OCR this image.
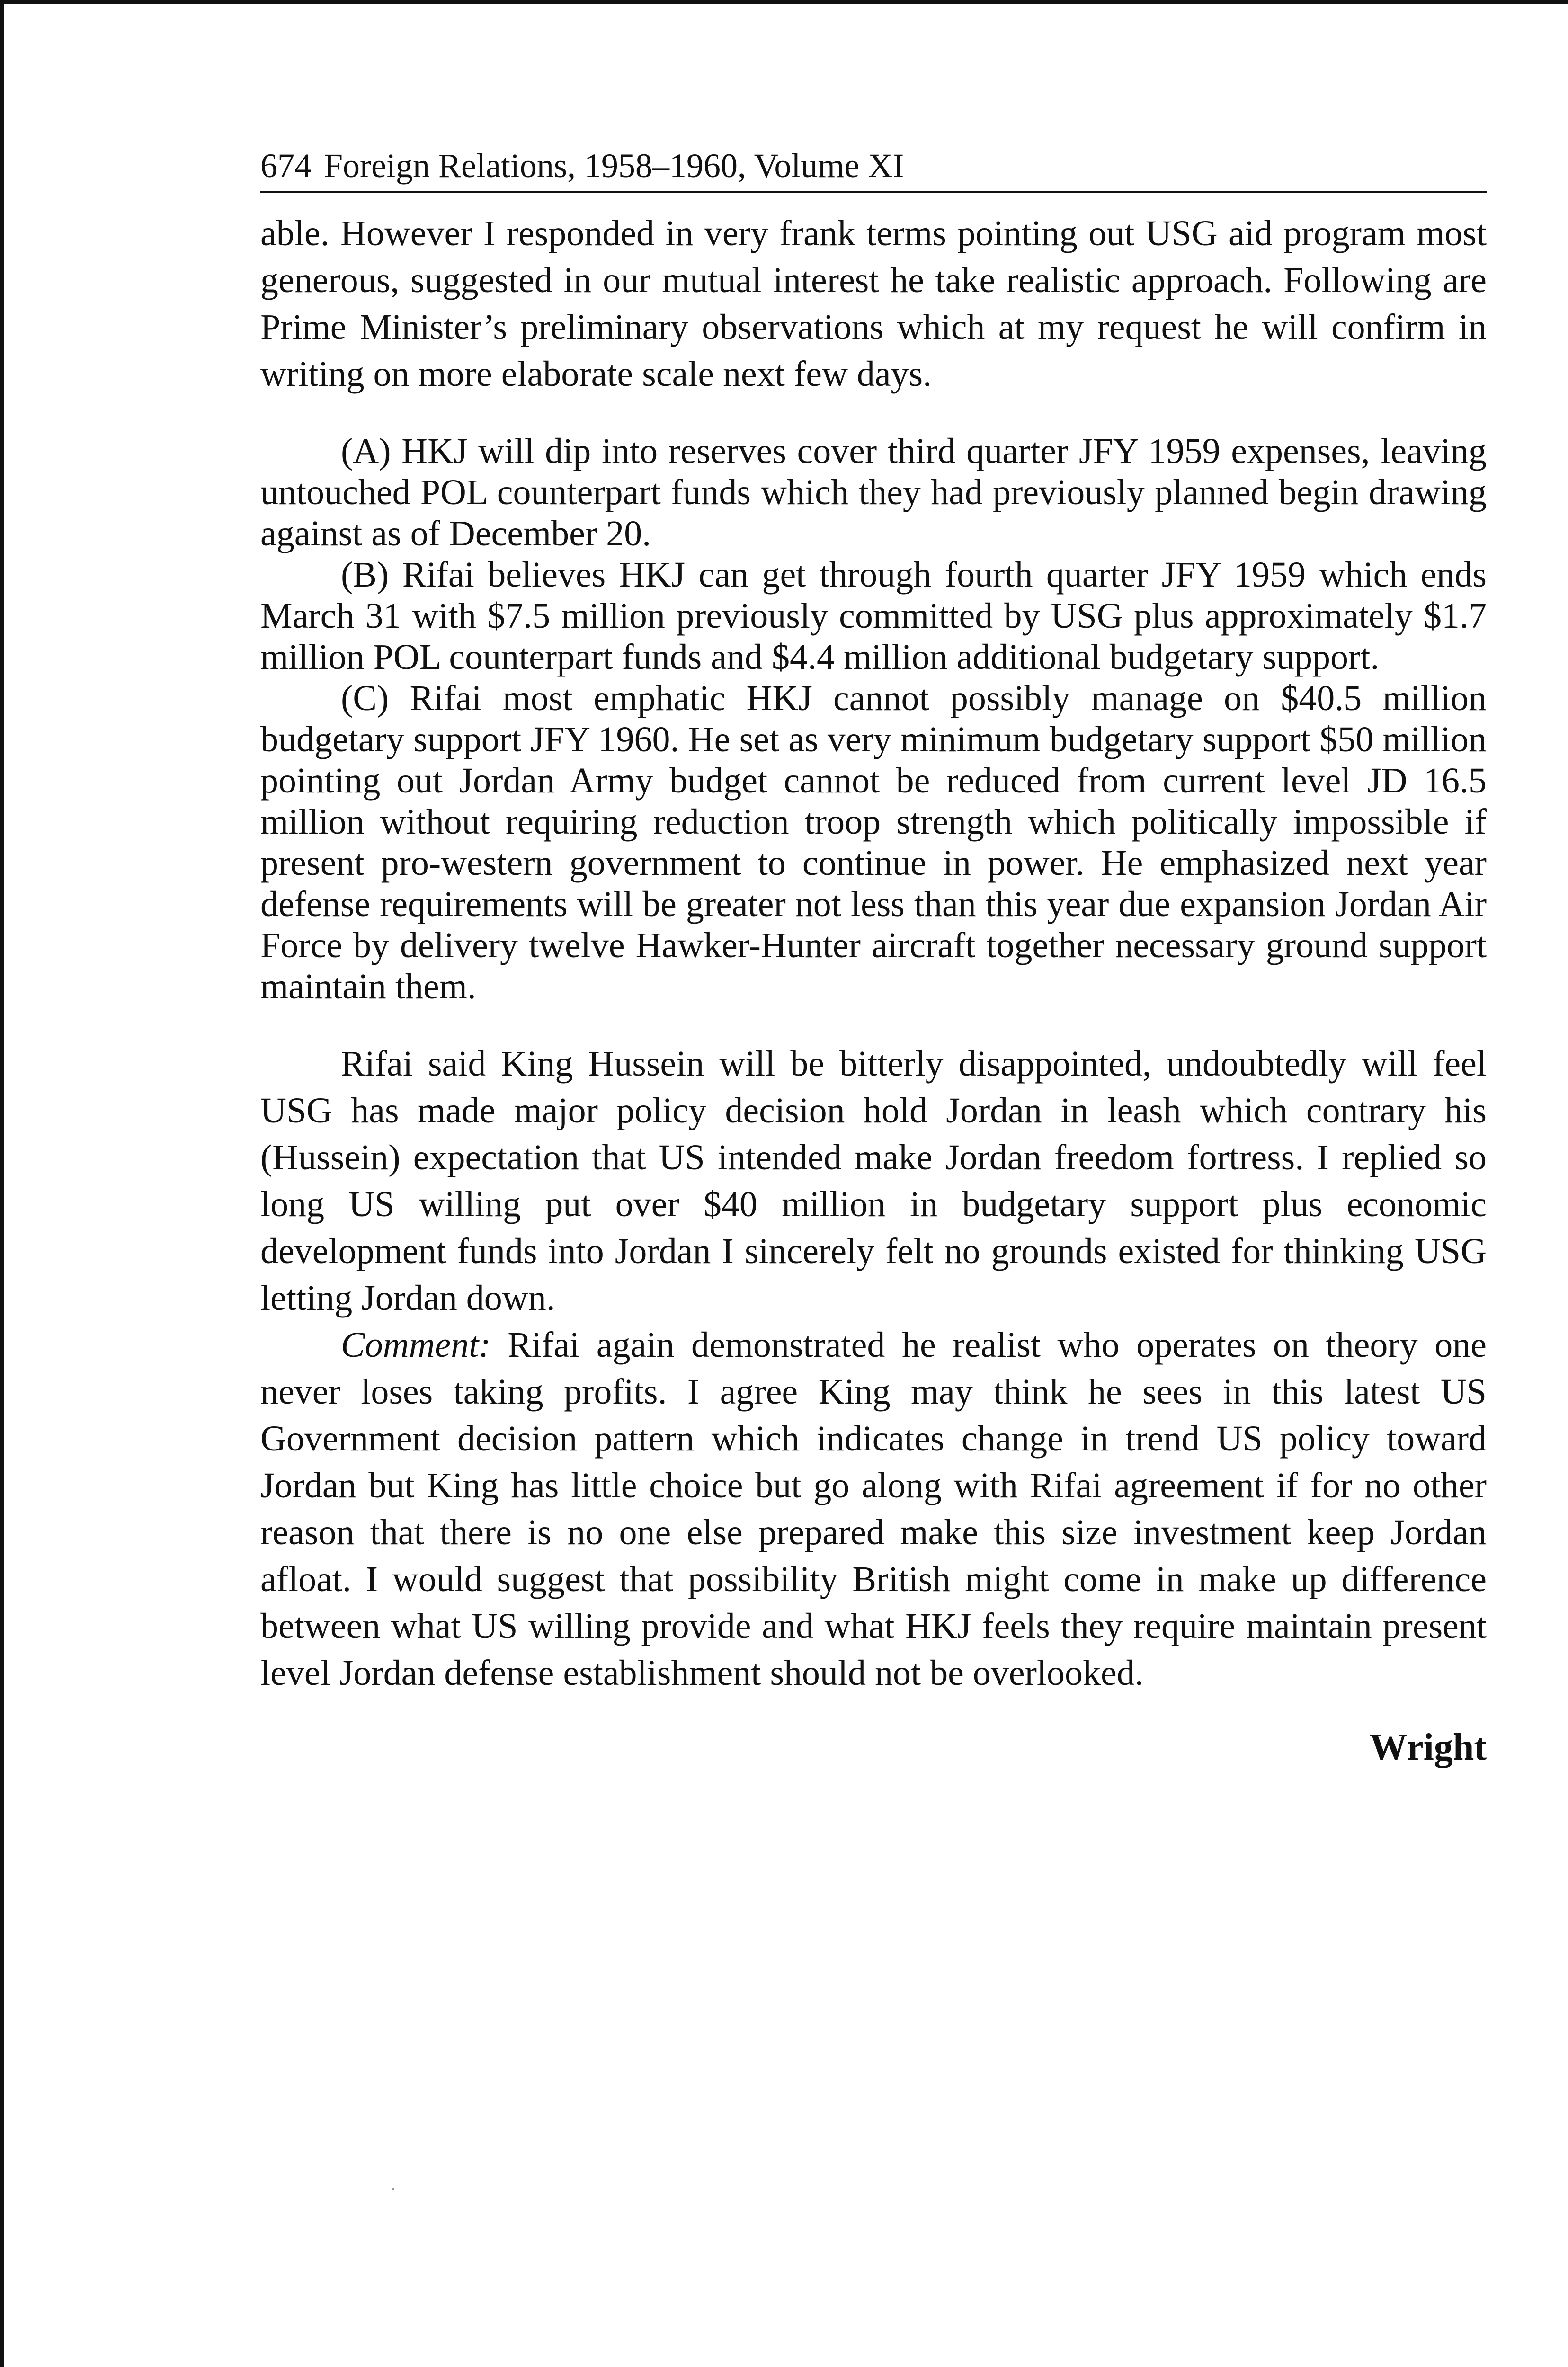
674 Foreign Relations, 1958–1960, Volume XI

able. However I responded in very frank terms pointing out USG aid program most generous, suggested in our mutual interest he take realistic approach. Following are Prime Minister’s preliminary observations which at my request he will confirm in writing on more elaborate scale next few days.

(A) HKJ will dip into reserves cover third quarter JFY 1959 expenses, leaving untouched POL counterpart funds which they had previously planned begin drawing against as of December 20.

(B) Rifai believes HKJ can get through fourth quarter JFY 1959 which ends March 31 with $7.5 million previously committed by USG plus approximately $1.7 million POL counterpart funds and $4.4 million additional budgetary support.

(C) Rifai most emphatic HKJ cannot possibly manage on $40.5 million budgetary support JFY 1960. He set as very minimum budgetary support $50 million pointing out Jordan Army budget cannot be reduced from current level JD 16.5 million without requiring reduction troop strength which politically impossible if present pro-western government to continue in power. He emphasized next year defense requirements will be greater not less than this year due expansion Jordan Air Force by delivery twelve Hawker-Hunter aircraft together necessary ground support maintain them.

Rifai said King Hussein will be bitterly disappointed, undoubtedly will feel USG has made major policy decision hold Jordan in leash which contrary his (Hussein) expectation that US intended make Jordan freedom fortress. I replied so long US willing put over $40 million in budgetary support plus economic development funds into Jordan I sincerely felt no grounds existed for thinking USG letting Jordan down.

Comment: Rifai again demonstrated he realist who operates on theory one never loses taking profits. I agree King may think he sees in this latest US Government decision pattern which indicates change in trend US policy toward Jordan but King has little choice but go along with Rifai agreement if for no other reason that there is no one else prepared make this size investment keep Jordan afloat. I would suggest that possibility British might come in make up difference between what US willing provide and what HKJ feels they require maintain present level Jordan defense establishment should not be overlooked.

Wright
